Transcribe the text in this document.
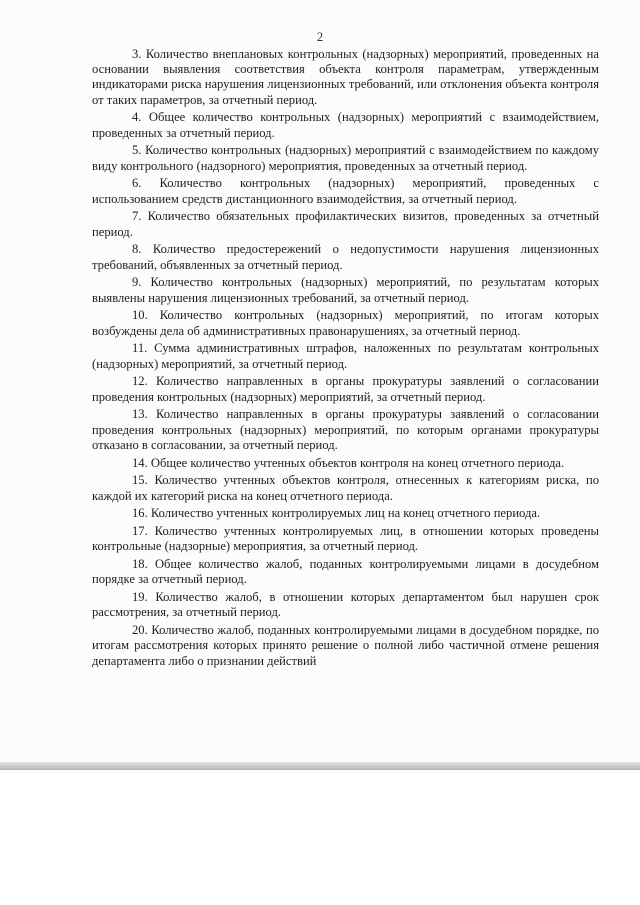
2

3. Количество внеплановых контрольных (надзорных) мероприятий, проведенных на основании выявления соответствия объекта контроля параметрам, утвержденным индикаторами риска нарушения лицензионных требований, или отклонения объекта контроля от таких параметров, за отчетный период.

4. Общее количество контрольных (надзорных) мероприятий с взаимодействием, проведенных за отчетный период.

5. Количество контрольных (надзорных) мероприятий с взаимодействием по каждому виду контрольного (надзорного) мероприятия, проведенных за отчетный период.

6. Количество контрольных (надзорных) мероприятий, проведенных с использованием средств дистанционного взаимодействия, за отчетный период.

7. Количество обязательных профилактических визитов, проведенных за отчетный период.

8. Количество предостережений о недопустимости нарушения лицензионных требований, объявленных за отчетный период.

9. Количество контрольных (надзорных) мероприятий, по результатам которых выявлены нарушения лицензионных требований, за отчетный период.

10. Количество контрольных (надзорных) мероприятий, по итогам которых возбуждены дела об административных правонарушениях, за отчетный период.

11. Сумма административных штрафов, наложенных по результатам контрольных (надзорных) мероприятий, за отчетный период.

12. Количество направленных в органы прокуратуры заявлений о согласовании проведения контрольных (надзорных) мероприятий, за отчетный период.

13. Количество направленных в органы прокуратуры заявлений о согласовании проведения контрольных (надзорных) мероприятий, по которым органами прокуратуры отказано в согласовании, за отчетный период.

14. Общее количество учтенных объектов контроля на конец отчетного периода.

15. Количество учтенных объектов контроля, отнесенных к категориям риска, по каждой их категорий риска на конец отчетного периода.

16. Количество учтенных контролируемых лиц на конец отчетного периода.

17. Количество учтенных контролируемых лиц, в отношении которых проведены контрольные (надзорные) мероприятия, за отчетный период.

18. Общее количество жалоб, поданных контролируемыми лицами в досудебном порядке за отчетный период.

19. Количество жалоб, в отношении которых департаментом был нарушен срок рассмотрения, за отчетный период.

20. Количество жалоб, поданных контролируемыми лицами в досудебном порядке, по итогам рассмотрения которых принято решение о полной либо частичной отмене решения департамента либо о признании действий
